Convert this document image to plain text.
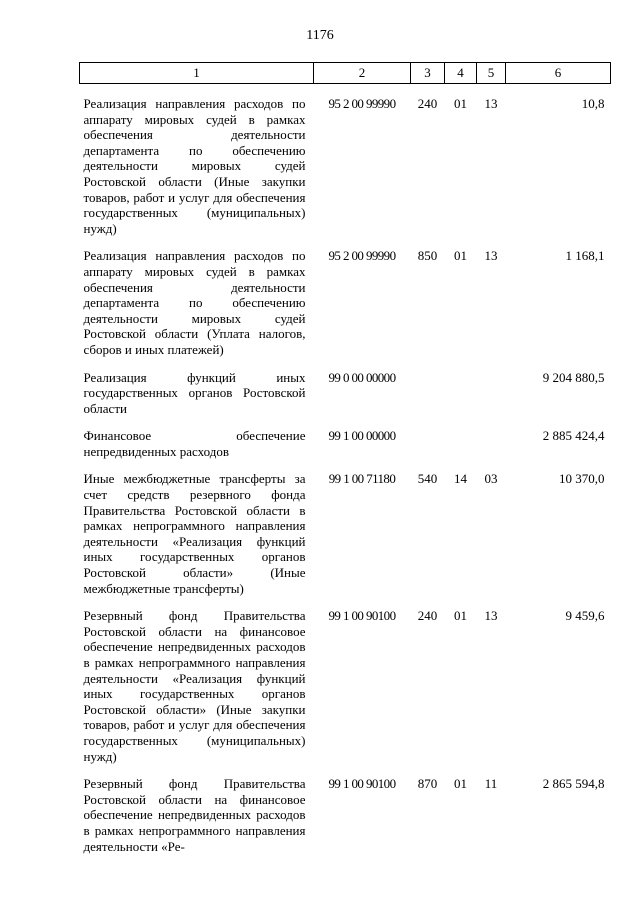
1176
1	2	3	4	5	6

Реализация направления расходов по аппарату мировых судей в рамках обеспечения деятельности департамента по обеспечению деятельности мировых судей Ростовской области (Иные закупки товаров, работ и услуг для обеспечения государственных (муниципальных) нужд)	95 2 00 99990	240	01	13	10,8

Реализация направления расходов по аппарату мировых судей в рамках обеспечения деятельности департамента по обеспечению деятельности мировых судей Ростовской области (Уплата налогов, сборов и иных платежей)	95 2 00 99990	850	01	13	1 168,1

Реализация функций иных государственных органов Ростовской области	99 0 00 00000				9 204 880,5

Финансовое обеспечение непредвиденных расходов	99 1 00 00000				2 885 424,4

Иные межбюджетные трансферты за счет средств резервного фонда Правительства Ростовской области в рамках непрограммного направления деятельности «Реализация функций иных государственных органов Ростовской области» (Иные межбюджетные трансферты)	99 1 00 71180	540	14	03	10 370,0

Резервный фонд Правительства Ростовской области на финансовое обеспечение непредвиденных расходов в рамках непрограммного направления деятельности «Реализация функций иных государственных органов Ростовской области» (Иные закупки товаров, работ и услуг для обеспечения государственных (муниципальных) нужд)	99 1 00 90100	240	01	13	9 459,6

Резервный фонд Правительства Ростовской области на финансовое обеспечение непредвиденных расходов в рамках непрограммного направления деятельности «Ре-	99 1 00 90100	870	01	11	2 865 594,8
